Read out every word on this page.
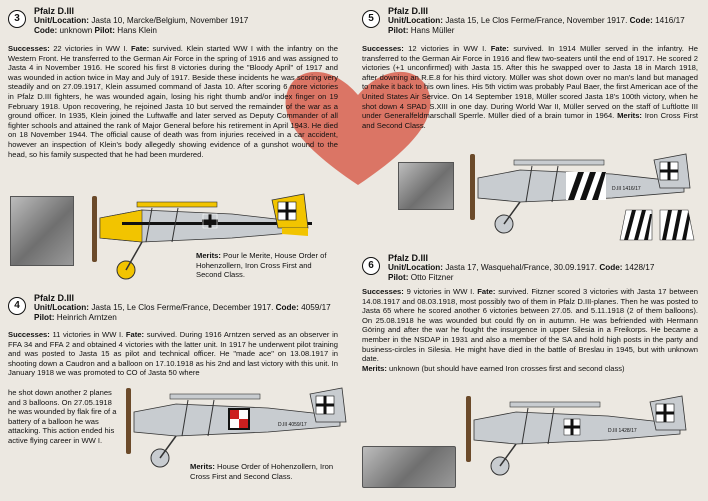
3
Pfalz D.III
Unit/Location: Jasta 10, Marcke/Belgium, November 1917
Code: unknown Pilot: Hans Klein
Successes: 22 victories in WW I. Fate: survived. Klein started WW I with the infantry on the Western Front. He transferred to the German Air Force in the spring of 1916 and was assigned to Jasta 4 in November 1916. He scored his first 8 victories during the "Bloody April" of 1917 and was wounded in action twice in May and July of 1917. Beside these incidents he was scoring very steadily and on 27.09.1917, Klein assumed command of Jasta 10. After scoring 6 more victories in Pfalz D.III fighters, he was wounded again, losing his right thumb and/or index finger on 19 February 1918. Upon recovering, he rejoined Jasta 10 but served the remainder of the war as a ground officer. In 1935, Klein joined the Luftwaffe and later served as Deputy Commander of all fighter schools and attained the rank of Major General before his retirement in April 1943. He died on 18 November 1944. The official cause of death was from injuries received in a car accident, however an inspection of Klein's body allegedly showing evidence of a gunshot wound to the head, so his family suspected that he had been murdered.
Merits: Pour le Merite, House Order of Hohenzollern, Iron Cross First and Second Class.
4
Pfalz D.III
Unit/Location: Jasta 15, Le Clos Ferme/France, December 1917. Code: 4059/17
Pilot: Heinrich Arntzen
Successes: 11 victories in WW I. Fate: survived. During 1916 Arntzen served as an observer in FFA 34 and FFA 2 and obtained 4 victories with the latter unit. In 1917 he underwent pilot training and was posted to Jasta 15 as pilot and technical officer. He "made ace" on 13.08.1917 in shooting down a Caudron and a balloon on 17.10.1918 as his 2nd and last victory with this unit. In January 1918 we was promoted to CO of Jasta 50 where
he shot down another 2 planes and 3 balloons. On 27.05.1918 he was wounded by flak fire of a battery of a balloon he was attacking. This action ended his active flying career in WW I.
D.III 4059/17
Merits: House Order of Hohenzollern, Iron Cross First and Second Class.
5
Pfalz D.III
Unit/Location: Jasta 15, Le Clos Ferme/France, November 1917. Code: 1416/17
Pilot: Hans Müller
Successes: 12 victories in WW I. Fate: survived. In 1914 Müller served in the infantry. He transferred to the German Air Force in 1916 and flew two-seaters until the end of 1917. He scored 2 victories (+1 unconfirmed) with Jasta 15. After this he swapped over to Jasta 18 in March 1918, after downing an R.E.8 for his third victory. Müller was shot down over no man's land but managed to make it back to his own lines. His 5th victim was probably Paul Baer, the first American ace of the United States Air Service. On 14 September 1918, Müller scored Jasta 18's 100th victory, when he shot down 4 SPAD S.XIII in one day. During World War II, Müller served on the staff of Luftlotte III under Generalfeldmarschall Sperrle. Müller died of a brain tumor in 1964. Merits: Iron Cross First and Second Class.
D.III 1416/17
6
Pfalz D.III
Unit/Location: Jasta 17, Wasquehal/France, 30.09.1917. Code: 1428/17
Pilot: Otto Fitzner
Successes: 9 victories in WW I. Fate: survived. Fitzner scored 3 victories with Jasta 17 between 14.08.1917 and 08.03.1918, most possibly two of them in Pfalz D.III-planes. Then he was posted to Jasta 65 where he scored another 6 victories between 27.05. and 5.11.1918 (2 of them balloons). On 25.08.1918 he was wounded but could fly on in autumn. He was befriended with Hermann Göring and after the war he fought the insurgence in upper Silesia in a Freikorps. He became a member in the NSDAP in 1931 and also a member of the SA and hold high posts in the party and business-circles in Silesia. He might have died in the battle of Breslau in 1945, but with unknown date.
Merits: unknown (but should have earned Iron crosses first and second class)
D.III 1428/17
